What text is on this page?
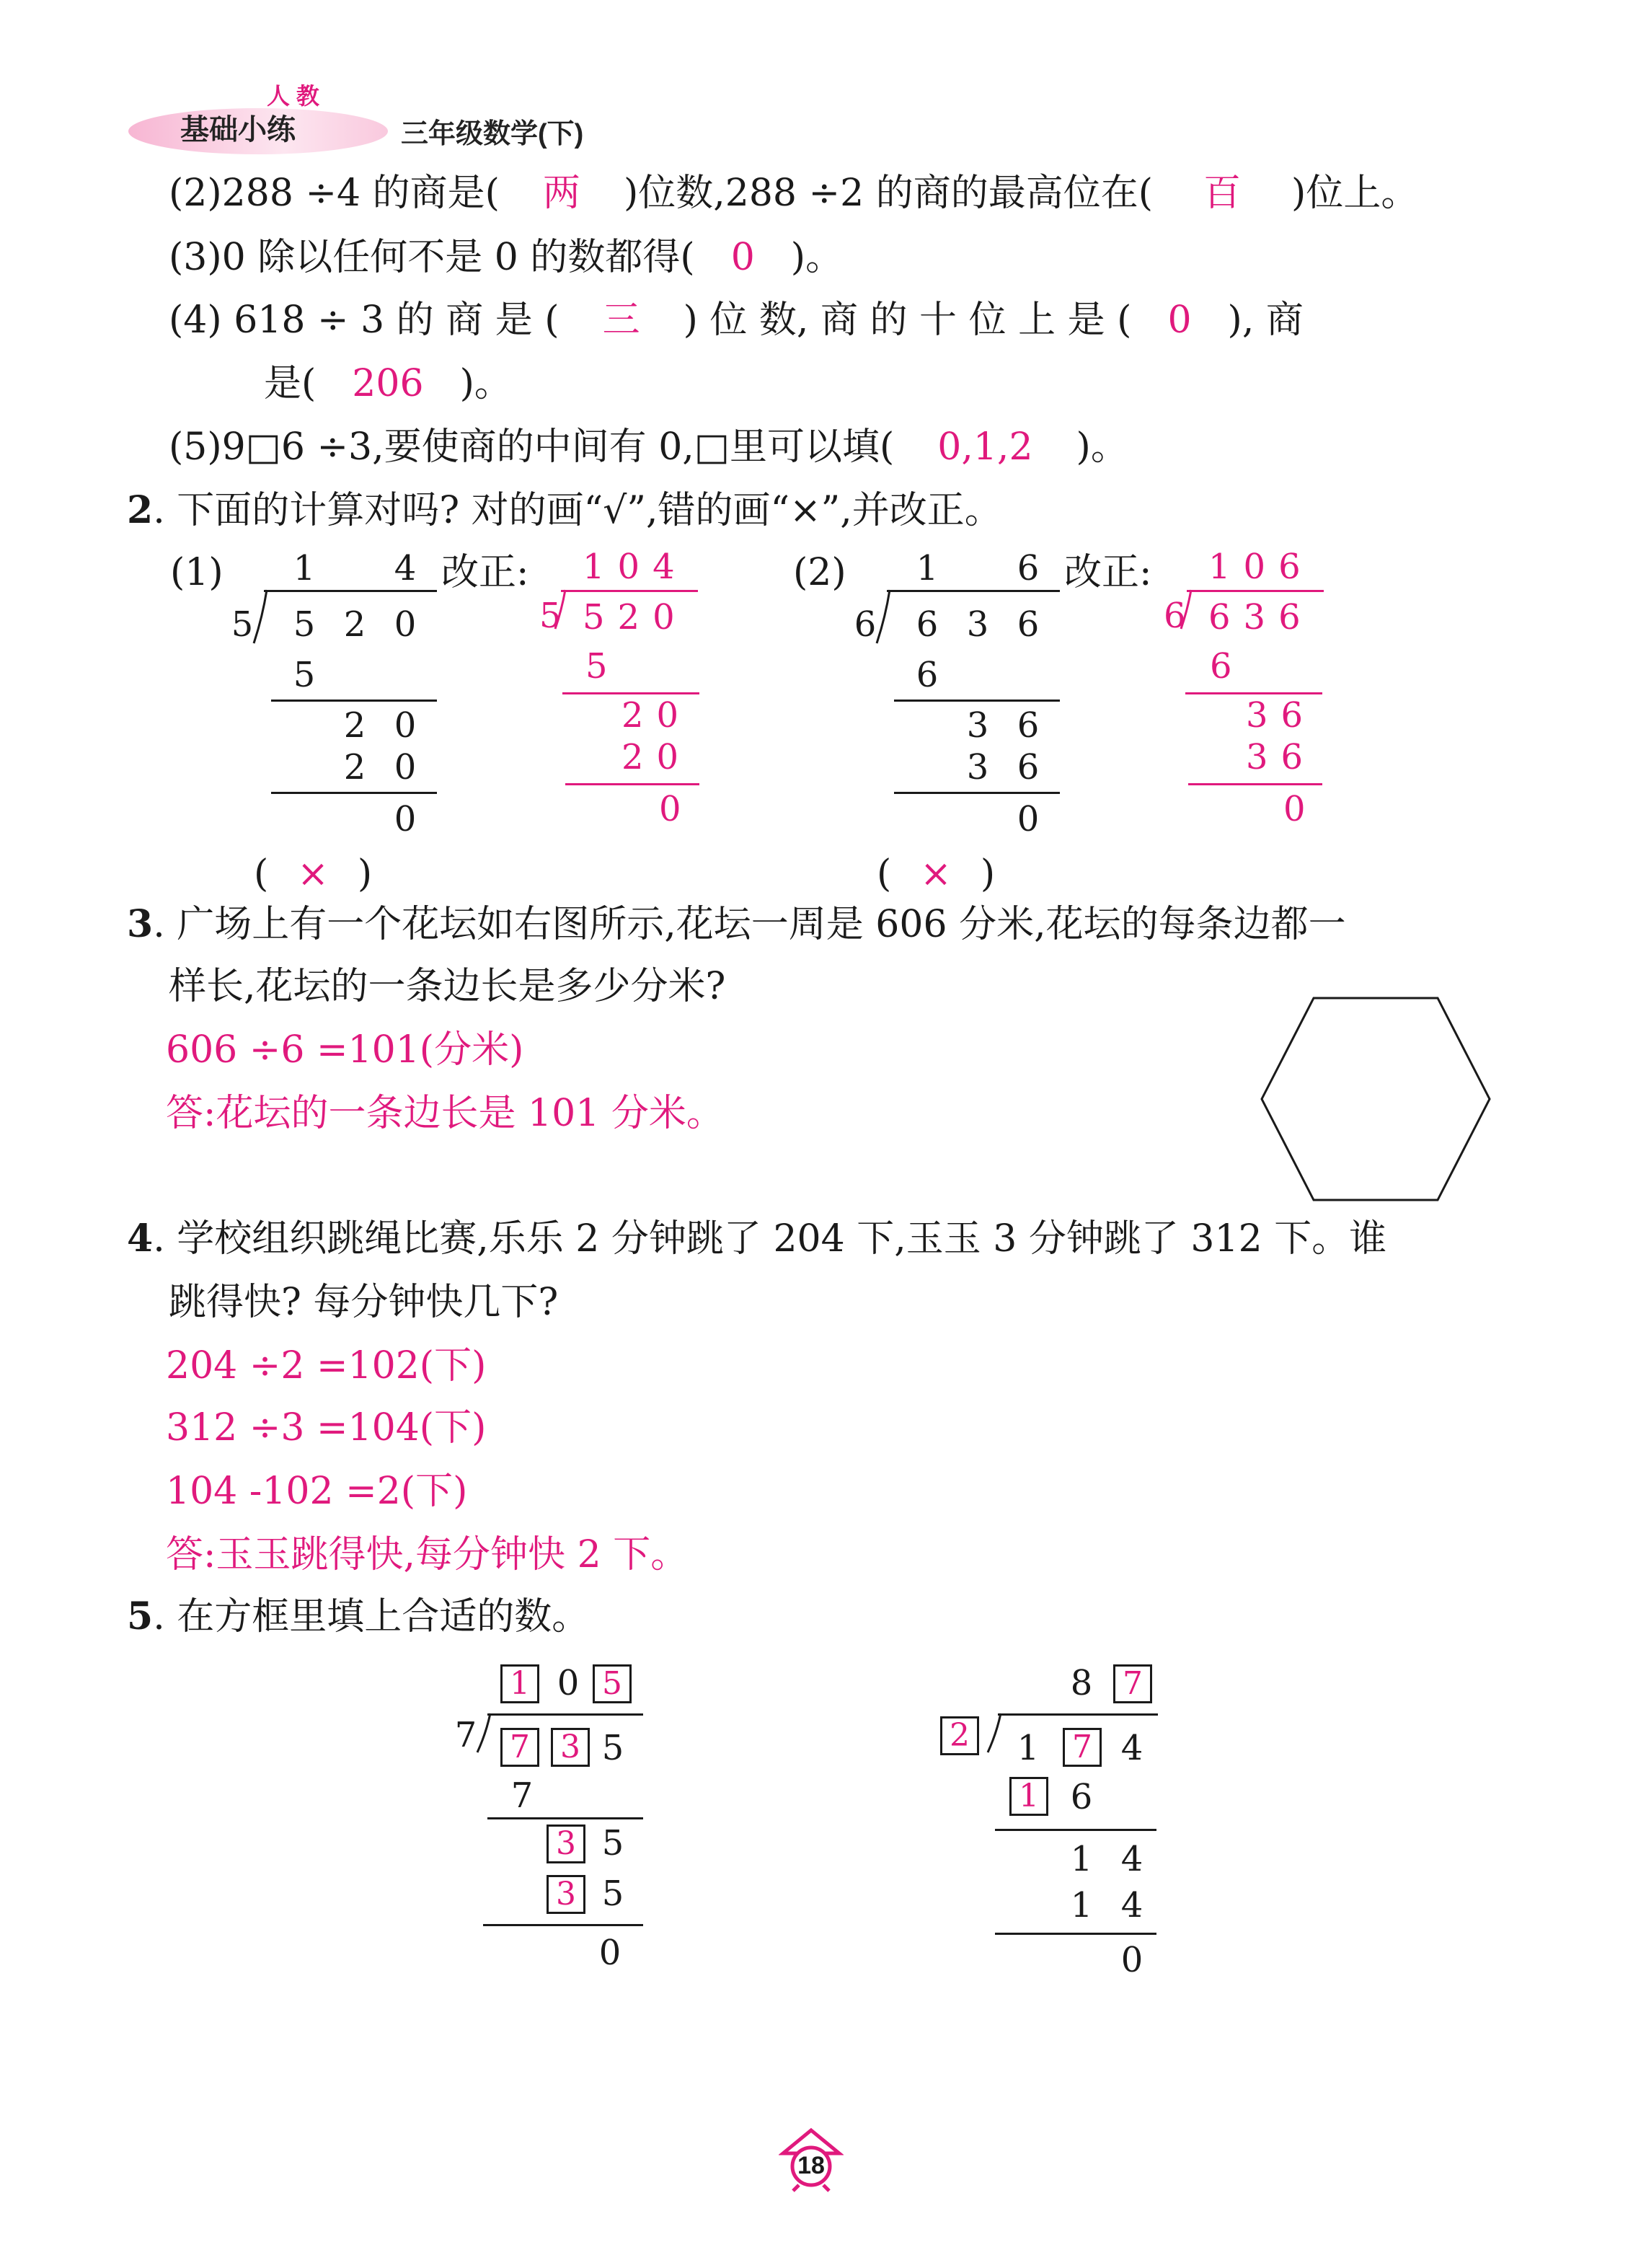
人 教
基础小练	三年级数学(下)
(2)288 ÷4 的商是( 两 )位数,288 ÷2 的商的最高位在( 百 )位上。
(3)0 除以任何不是 0 的数都得( 0 )。
(4) 618 ÷ 3 的 商 是 ( 三 ) 位 数, 商 的 十 位 上 是 ( 0 ), 商
是( 206 )。
(5)9□6 ÷3,要使商的中间有 0,□里可以填( 0,1,2 )。
2. 下面的计算对吗? 对的画“√”,错的画“×”,并改正。
(1)	改正:	(2)	改正:
1 4
5 5 2 0
5
2 0
2 0
0
( × )
104
5 520
5
20
20
0
1 6
6 6 3 6
6
3 6
3 6
0
( × )
106
6 636
6
36
36
0
3. 广场上有一个花坛如右图所示,花坛一周是 606 分米,花坛的每条边都一
样长,花坛的一条边长是多少分米?
606 ÷6 =101(分米)
答:花坛的一条边长是 101 分米。
4. 学校组织跳绳比赛,乐乐 2 分钟跳了 204 下,玉玉 3 分钟跳了 312 下。谁
跳得快? 每分钟快几下?
204 ÷2 =102(下)
312 ÷3 =104(下)
104 -102 =2(下)
答:玉玉跳得快,每分钟快 2 下。
5. 在方框里填上合适的数。
1 0 5
7 7 3 5
7
3 5
3 5
0
8 7
2 1 7 4
1 6
1 4
1 4
0
18
